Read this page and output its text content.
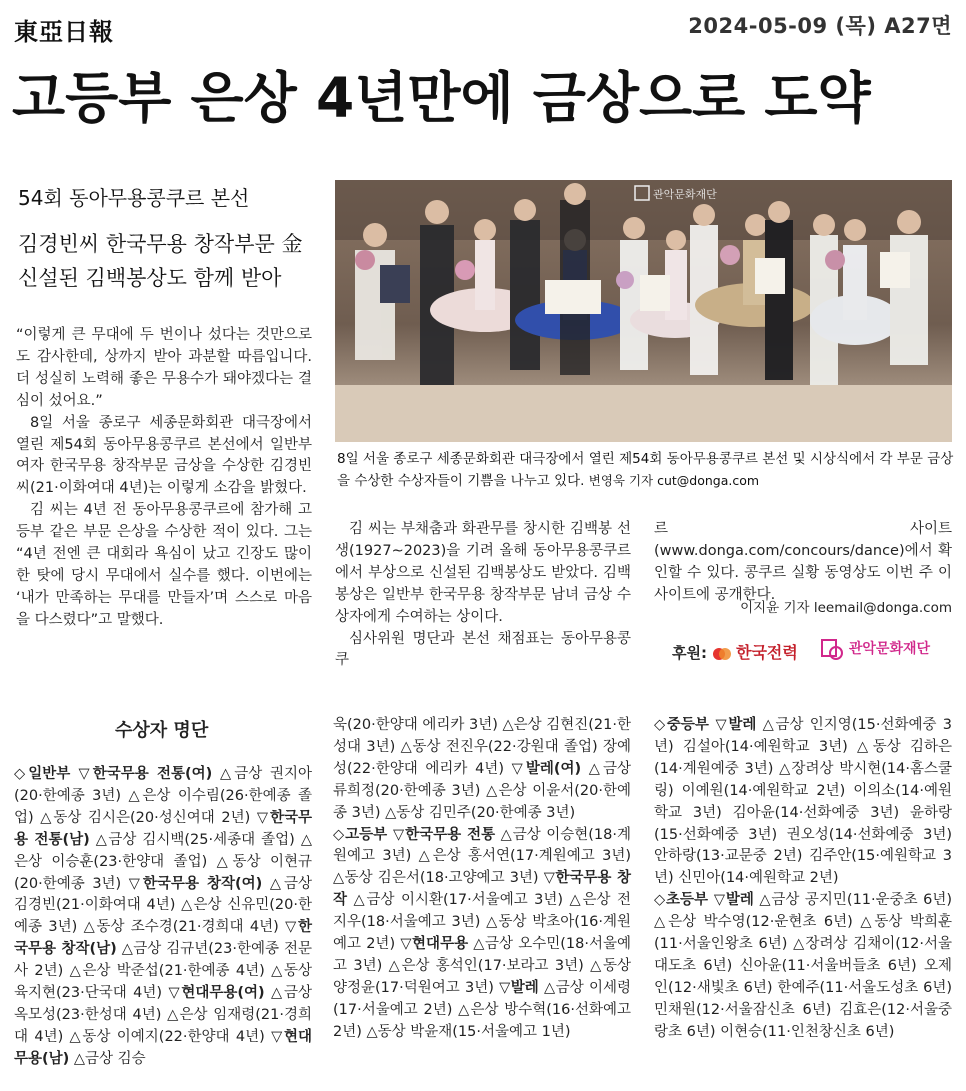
東亞日報	2024-05-09 (목) A27면
고등부 은상 4년만에 금상으로 도약
54회 동아무용콩쿠르 본선
김경빈씨 한국무용 창작부문 金
신설된 김백봉상도 함께 받아
관악문화재단
8일 서울 종로구 세종문화회관 대극장에서 열린 제54회 동아무용콩쿠르 본선 및 시상식에서 각 부문 금상을 수상한 수상자들이 기쁨을 나누고 있다. 변영욱 기자 cut@donga.com

“이렇게 큰 무대에 두 번이나 섰다는 것만으로도 감사한데, 상까지 받아 과분할 따름입니다. 더 성실히 노력해 좋은 무용수가 돼야겠다는 결심이 섰어요.”

8일 서울 종로구 세종문화회관 대극장에서 열린 제54회 동아무용콩쿠르 본선에서 일반부 여자 한국무용 창작부문 금상을 수상한 김경빈 씨(21·이화여대 4년)는 이렇게 소감을 밝혔다.

김 씨는 4년 전 동아무용콩쿠르에 참가해 고등부 같은 부문 은상을 수상한 적이 있다. 그는 “4년 전엔 큰 대회라 욕심이 났고 긴장도 많이 한 탓에 당시 무대에서 실수를 했다. 이번에는 ‘내가 만족하는 무대를 만들자’며 스스로 마음을 다스렸다”고 말했다.

김 씨는 부채춤과 화관무를 창시한 김백봉 선생(1927∼2023)을 기려 올해 동아무용콩쿠르에서 부상으로 신설된 김백봉상도 받았다. 김백봉상은 일반부 한국무용 창작부문 남녀 금상 수상자에게 수여하는 상이다.

심사위원 명단과 본선 채점표는 동아무용콩쿠

르 사이트(www.donga.com/concours/dance)에서 확인할 수 있다. 콩쿠르 실황 동영상도 이번 주 이 사이트에 공개한다.

이지윤 기자 leemail@donga.com
후원:	한국전력	관악문화재단
수상자 명단
◇일반부 ▽한국무용 전통(여) △금상 권지아(20·한예종 3년) △은상 이수림(26·한예종 졸업) △동상 김시은(20·성신여대 2년) ▽한국무용 전통(남) △금상 김시백(25·세종대 졸업) △은상 이승훈(23·한양대 졸업) △동상 이현규(20·한예종 3년) ▽한국무용 창작(여) △금상 김경빈(21·이화여대 4년) △은상 신유민(20·한예종 3년) △동상 조수경(21·경희대 4년) ▽한국무용 창작(남) △금상 김규년(23·한예종 전문사 2년) △은상 박준섭(21·한예종 4년) △동상 육지현(23·단국대 4년) ▽현대무용(여) △금상 옥모성(23·한성대 4년) △은상 임재령(21·경희대 4년) △동상 이예지(22·한양대 4년) ▽현대무용(남) △금상 김승
욱(20·한양대 에리카 3년) △은상 김현진(21·한성대 3년) △동상 전진우(22·강원대 졸업) 장예성(22·한양대 에리카 4년) ▽발레(여) △금상 류희정(20·한예종 3년) △은상 이윤서(20·한예종 3년) △동상 김민주(20·한예종 3년)
◇고등부 ▽한국무용 전통 △금상 이승현(18·계원예고 3년) △은상 홍서연(17·계원예고 3년) △동상 김은서(18·고양예고 3년) ▽한국무용 창작 △금상 이시환(17·서울예고 3년) △은상 전지우(18·서울예고 3년) △동상 박초아(16·계원예고 2년) ▽현대무용 △금상 오수민(18·서울예고 3년) △은상 홍석인(17·보라고 3년) △동상 양정윤(17·덕원여고 3년) ▽발레 △금상 이세령(17·서울예고 2년) △은상 방수혁(16·선화예고 2년) △동상 박윤재(15·서울예고 1년)
◇중등부 ▽발레 △금상 인지영(15·선화예중 3년) 김설아(14·예원학교 3년) △동상 김하은(14·계원예중 3년) △장려상 박시현(14·홈스쿨링) 이예원(14·예원학교 2년) 이의소(14·예원학교 3년) 김아윤(14·선화예중 3년) 윤하랑(15·선화예중 3년) 권오성(14·선화예중 3년) 안하랑(13·교문중 2년) 김주안(15·예원학교 3년) 신민아(14·예원학교 2년)
◇초등부 ▽발레 △금상 공지민(11·운중초 6년) △은상 박수영(12·운현초 6년) △동상 박희훈(11·서울인왕초 6년) △장려상 김채이(12·서울대도초 6년) 신아윤(11·서울버들초 6년) 오제인(12·새빛초 6년) 한예주(11·서울도성초 6년) 민채원(12·서울잠신초 6년) 김효은(12·서울중랑초 6년) 이현승(11·인천창신초 6년)
